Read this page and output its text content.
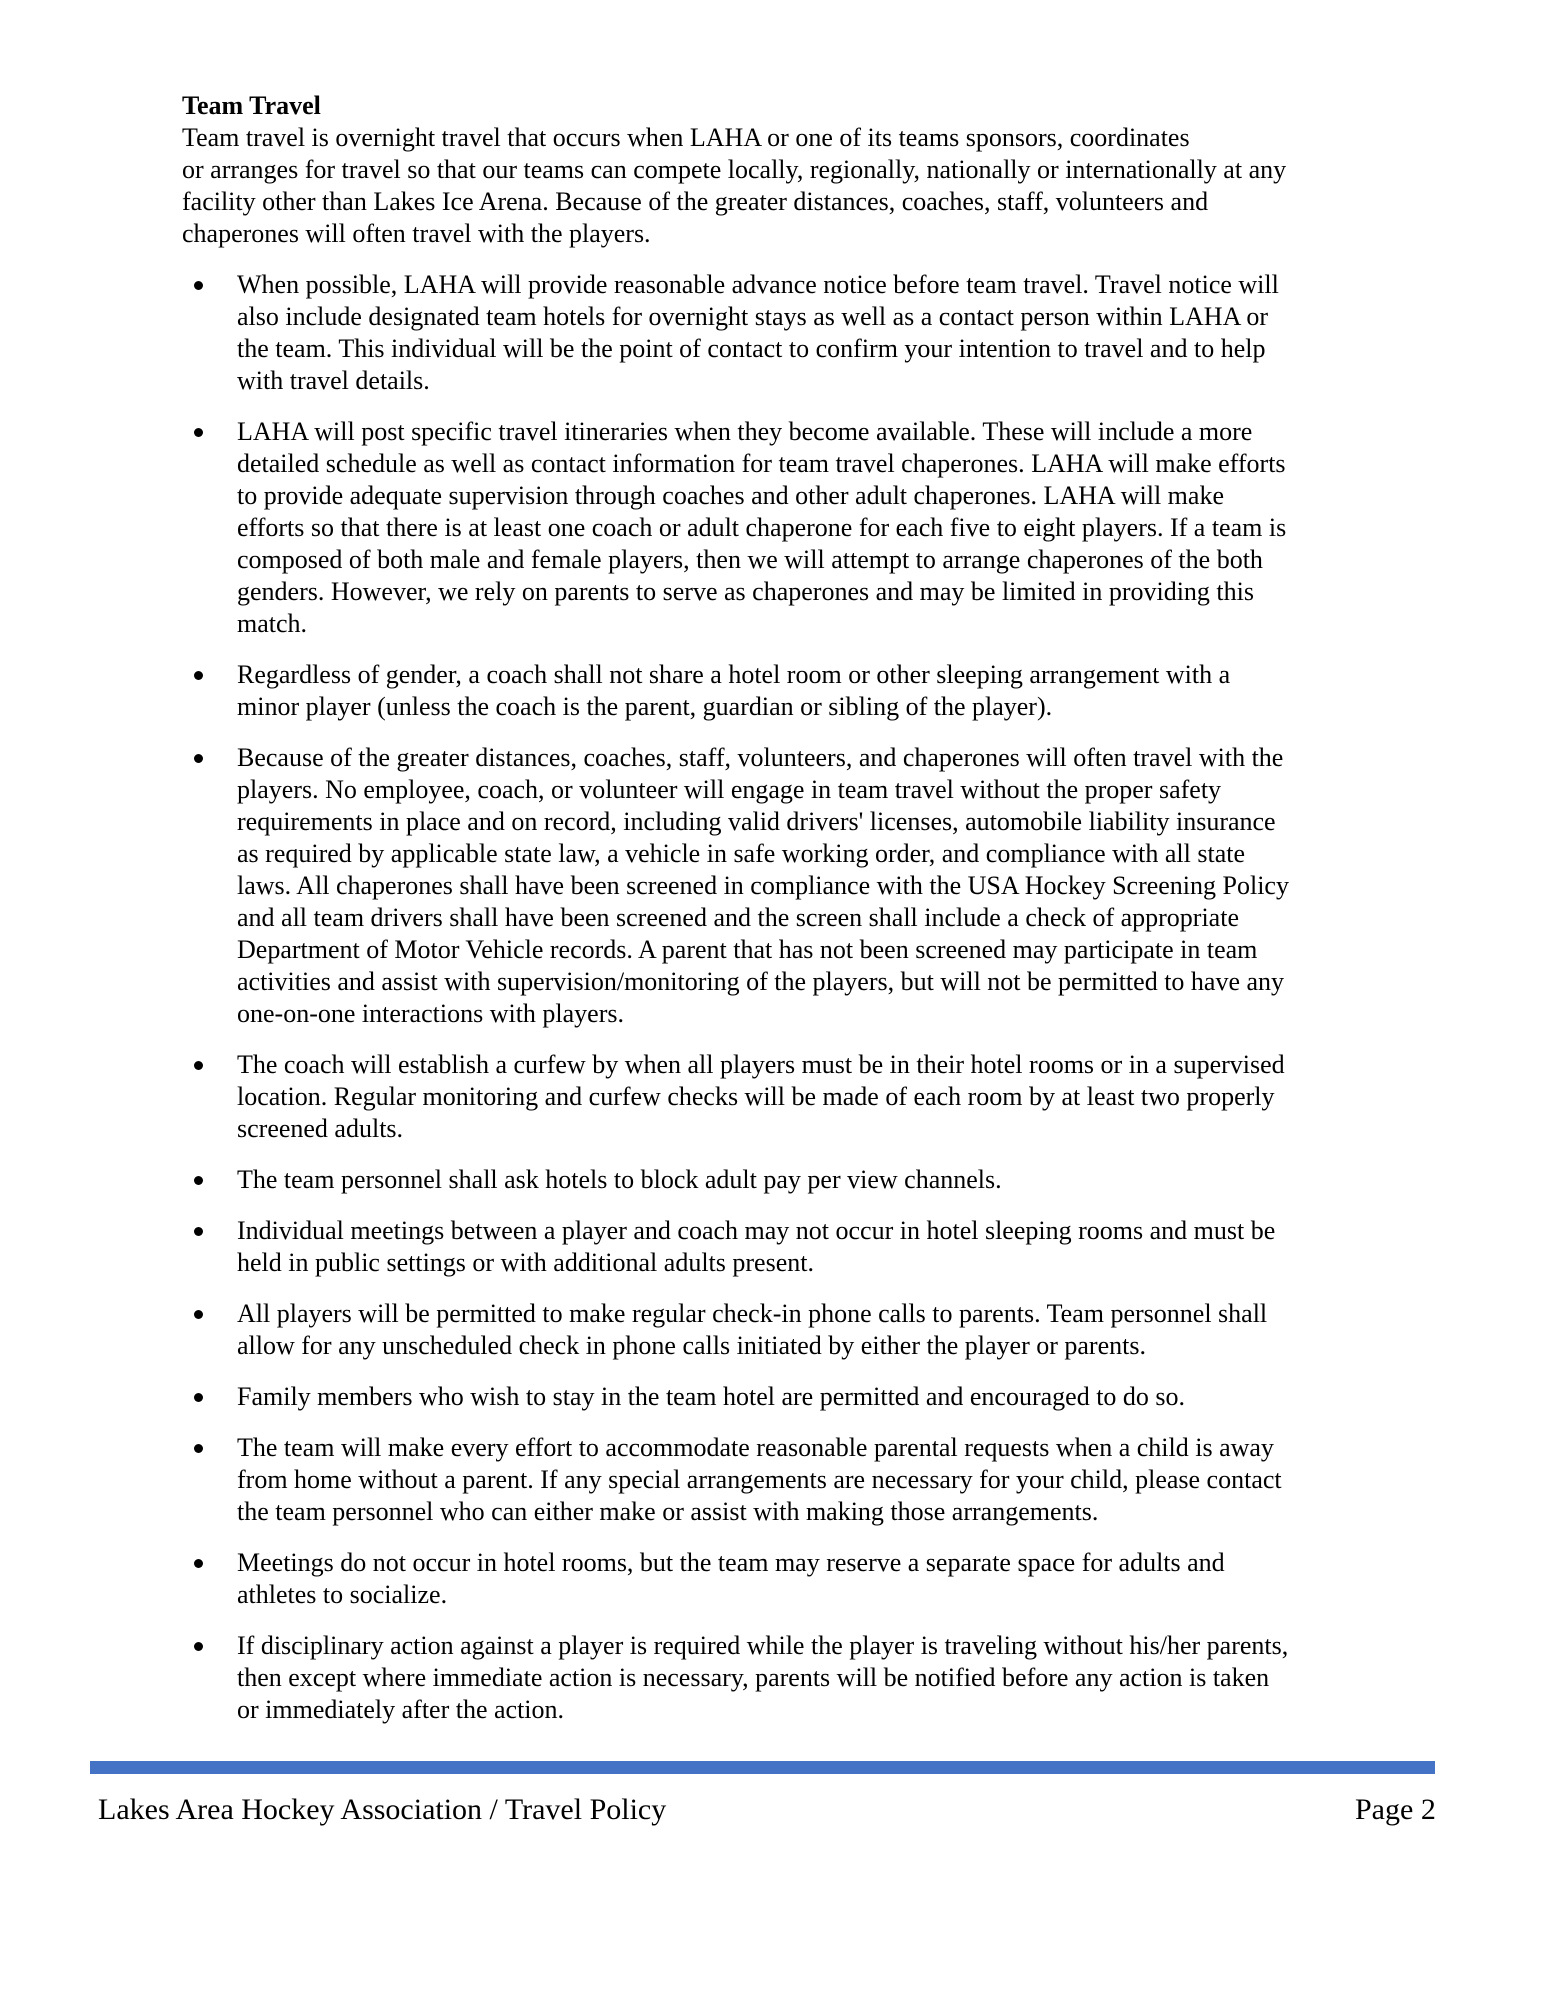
Team Travel

Team travel is overnight travel that occurs when LAHA or one of its teams sponsors, coordinates
or arranges for travel so that our teams can compete locally, regionally, nationally or internationally at any
facility other than Lakes Ice Arena. Because of the greater distances, coaches, staff, volunteers and
chaperones will often travel with the players.

When possible, LAHA will provide reasonable advance notice before team travel. Travel notice will
also include designated team hotels for overnight stays as well as a contact person within LAHA or
the team. This individual will be the point of contact to confirm your intention to travel and to help
with travel details.
LAHA will post specific travel itineraries when they become available. These will include a more
detailed schedule as well as contact information for team travel chaperones. LAHA will make efforts
to provide adequate supervision through coaches and other adult chaperones. LAHA will make
efforts so that there is at least one coach or adult chaperone for each five to eight players. If a team is
composed of both male and female players, then we will attempt to arrange chaperones of the both
genders. However, we rely on parents to serve as chaperones and may be limited in providing this
match.
Regardless of gender, a coach shall not share a hotel room or other sleeping arrangement with a
minor player (unless the coach is the parent, guardian or sibling of the player).
Because of the greater distances, coaches, staff, volunteers, and chaperones will often travel with the
players. No employee, coach, or volunteer will engage in team travel without the proper safety
requirements in place and on record, including valid drivers' licenses, automobile liability insurance
as required by applicable state law, a vehicle in safe working order, and compliance with all state
laws. All chaperones shall have been screened in compliance with the USA Hockey Screening Policy
and all team drivers shall have been screened and the screen shall include a check of appropriate
Department of Motor Vehicle records. A parent that has not been screened may participate in team
activities and assist with supervision/monitoring of the players, but will not be permitted to have any
one-on-one interactions with players.
The coach will establish a curfew by when all players must be in their hotel rooms or in a supervised
location. Regular monitoring and curfew checks will be made of each room by at least two properly
screened adults.
The team personnel shall ask hotels to block adult pay per view channels.
Individual meetings between a player and coach may not occur in hotel sleeping rooms and must be
held in public settings or with additional adults present.
All players will be permitted to make regular check-in phone calls to parents. Team personnel shall
allow for any unscheduled check in phone calls initiated by either the player or parents.
Family members who wish to stay in the team hotel are permitted and encouraged to do so.
The team will make every effort to accommodate reasonable parental requests when a child is away
from home without a parent. If any special arrangements are necessary for your child, please contact
the team personnel who can either make or assist with making those arrangements.
Meetings do not occur in hotel rooms, but the team may reserve a separate space for adults and
athletes to socialize.
If disciplinary action against a player is required while the player is traveling without his/her parents,
then except where immediate action is necessary, parents will be notified before any action is taken
or immediately after the action.
Lakes Area Hockey Association / Travel Policy	Page 2
